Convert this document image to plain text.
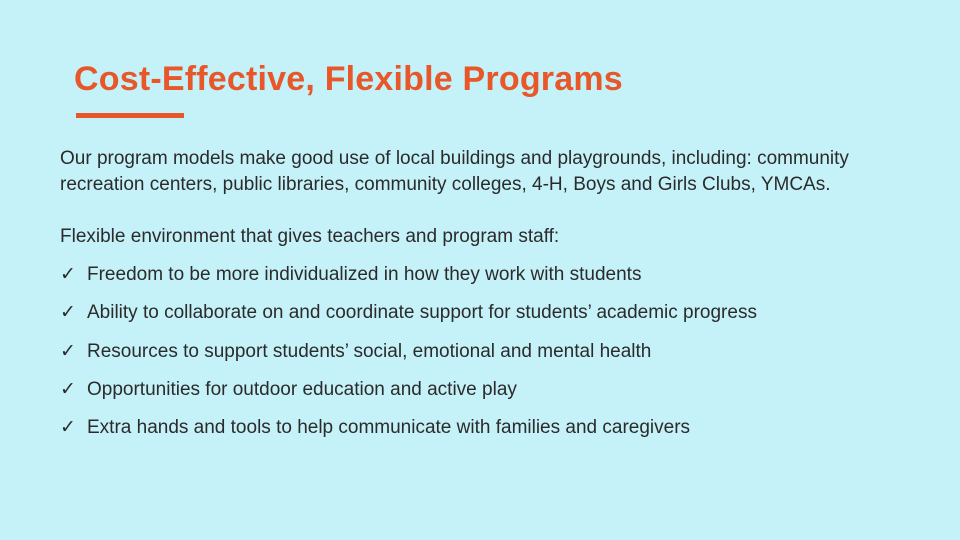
Cost-Effective, Flexible Programs

Our program models make good use of local buildings and playgrounds, including: community recreation centers, public libraries, community colleges, 4-H, Boys and Girls Clubs, YMCAs.

Flexible environment that gives teachers and program staff:

✓ Freedom to be more individualized in how they work with students
✓ Ability to collaborate on and coordinate support for students’ academic progress
✓ Resources to support students’ social, emotional and mental health
✓ Opportunities for outdoor education and active play
✓ Extra hands and tools to help communicate with families and caregivers
